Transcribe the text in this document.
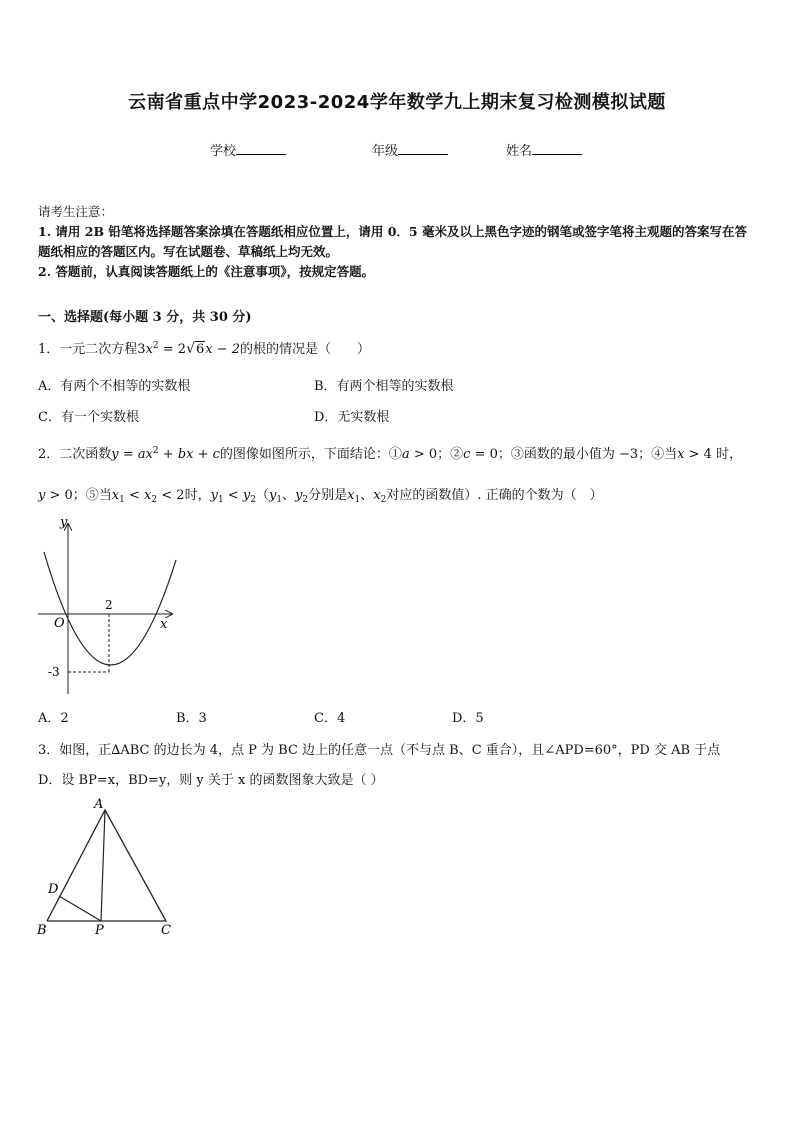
云南省重点中学2023-2024学年数学九上期末复习检测模拟试题
学校	年级	姓名
请考生注意：
1. 请用 2B 铅笔将选择题答案涂填在答题纸相应位置上，请用 0．5 毫米及以上黑色字迹的钢笔或签字笔将主观题的答案写在答题纸相应的答题区内。写在试题卷、草稿纸上均无效。
2. 答题前，认真阅读答题纸上的《注意事项》，按规定答题。
一、选择题(每小题 3 分，共 30 分)
1．一元二次方程$3x^2 = 2√6x - 2$的根的情况是（　　）
A．有两个不相等的实数根	B．有两个相等的实数根
C．有一个实数根	D．无实数根
2．二次函数$y = ax^2$ + bx + c的图像如图所示，下面结论：①a > 0；②c = 0；③函数的最小值为 −3；④当x > 4 时，
y > 0；⑤当$x_1 < x_2 < 2$时，$y_1 < y_2(y_1$、$y_2$分别是$x_1$、$x_2$对应的函数值）. 正确的个数为（　）
y
x
O
2
-3
A．2	B．3	C．4	D．5
3．如图，正∆ABC 的边长为 4，点 P 为 BC 边上的任意一点（不与点 B、C 重合），且∠APD=60°，PD 交 AB 于点
D．设 BP=x，BD=y，则 y 关于 x 的函数图象大致是（ ）
A
D
B	P	C
